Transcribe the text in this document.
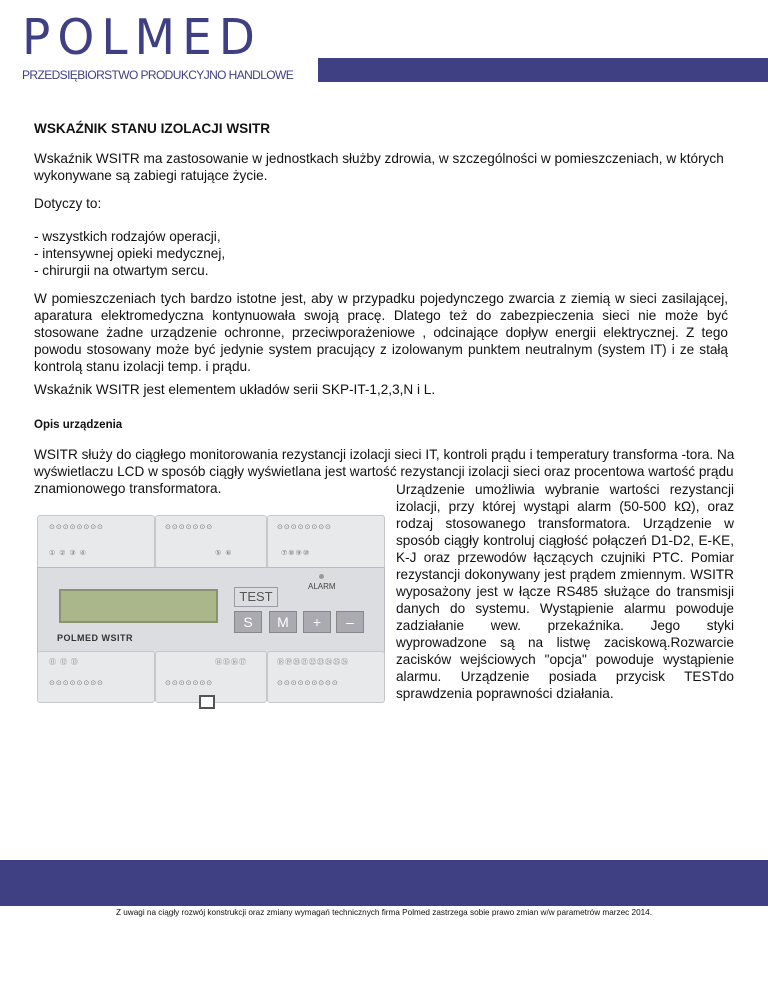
POLMED
PRZEDSIĘBIORSTWO PRODUKCYJNO HANDLOWE
WSKAŹNIK STANU IZOLACJI WSITR

Wskaźnik WSITR ma zastosowanie w jednostkach służby zdrowia, w szczególności w pomieszczeniach, w których wykonywane są zabiegi ratujące życie.

Dotyczy to:

- wszystkich rodzajów operacji,
- intensywnej opieki medycznej,
- chirurgii na otwartym sercu.

W pomieszczeniach tych bardzo istotne jest, aby w przypadku pojedynczego zwarcia z ziemią w sieci zasilającej, aparatura elektromedyczna kontynuowała swoją pracę. Dlatego też do zabezpieczenia sieci nie może być stosowane żadne urządzenie ochronne, przeciwporażeniowe , odcinające dopływ energii elektrycznej. Z tego powodu stosowany może być jedynie system pracujący z izolowanym punktem neutralnym (system IT) i ze stałą kontrolą stanu izolacji temp. i prądu.

Wskaźnik WSITR jest elementem układów serii SKP-IT-1,2,3,N i L.

Opis urządzenia

WSITR służy do ciągłego monitorowania rezystancji izolacji sieci IT, kontroli prądu i temperatury transforma -tora. Na wyświetlaczu LCD w sposób ciągły wyświetlana jest wartość rezystancji izolacji sieci oraz procentowa wartość prądu znamionowego transformatora.

⊙⊙⊙⊙⊙⊙⊙⊙	⊙⊙⊙⊙⊙⊙⊙	⊙⊙⊙⊙⊙⊙⊙⊙
① ② ③ ④	⑤ ⑥	⑦⑧⑨⑩
POLMED WSITR
TEST
ALARM
S	M	+	–
⑪ ⑫ ⑬	⑭⑮⑯⑰	⑱⑲⑳㉑㉒㉓㉔㉕㉖
⊙⊙⊙⊙⊙⊙⊙⊙	⊙⊙⊙⊙⊙⊙⊙	⊙⊙⊙⊙⊙⊙⊙⊙⊙

Urządzenie umożliwia wybranie wartości rezystancji izolacji, przy której wystąpi alarm (50-500 kΩ), oraz rodzaj stosowanego transformatora. Urządzenie w sposób ciągły kontroluj ciągłość połączeń D1-D2, E-KE, K-J oraz przewodów łączących czujniki PTC. Pomiar rezystancji dokonywany jest prądem zmiennym. WSITR wyposażony jest w łącze RS485 służące do transmisji danych do systemu. Wystąpienie alarmu powoduje zadziałanie wew. przekaźnika. Jego styki wyprowadzone są na listwę zaciskową.Rozwarcie zacisków wejściowych "opcja" powoduje wystąpienie alarmu. Urządzenie posiada przycisk TESTdo sprawdzenia poprawności działania.

Z uwagi na ciągły rozwój konstrukcji oraz zmiany wymagań technicznych firma Polmed zastrzega sobie prawo zmian w/w parametrów marzec 2014.
